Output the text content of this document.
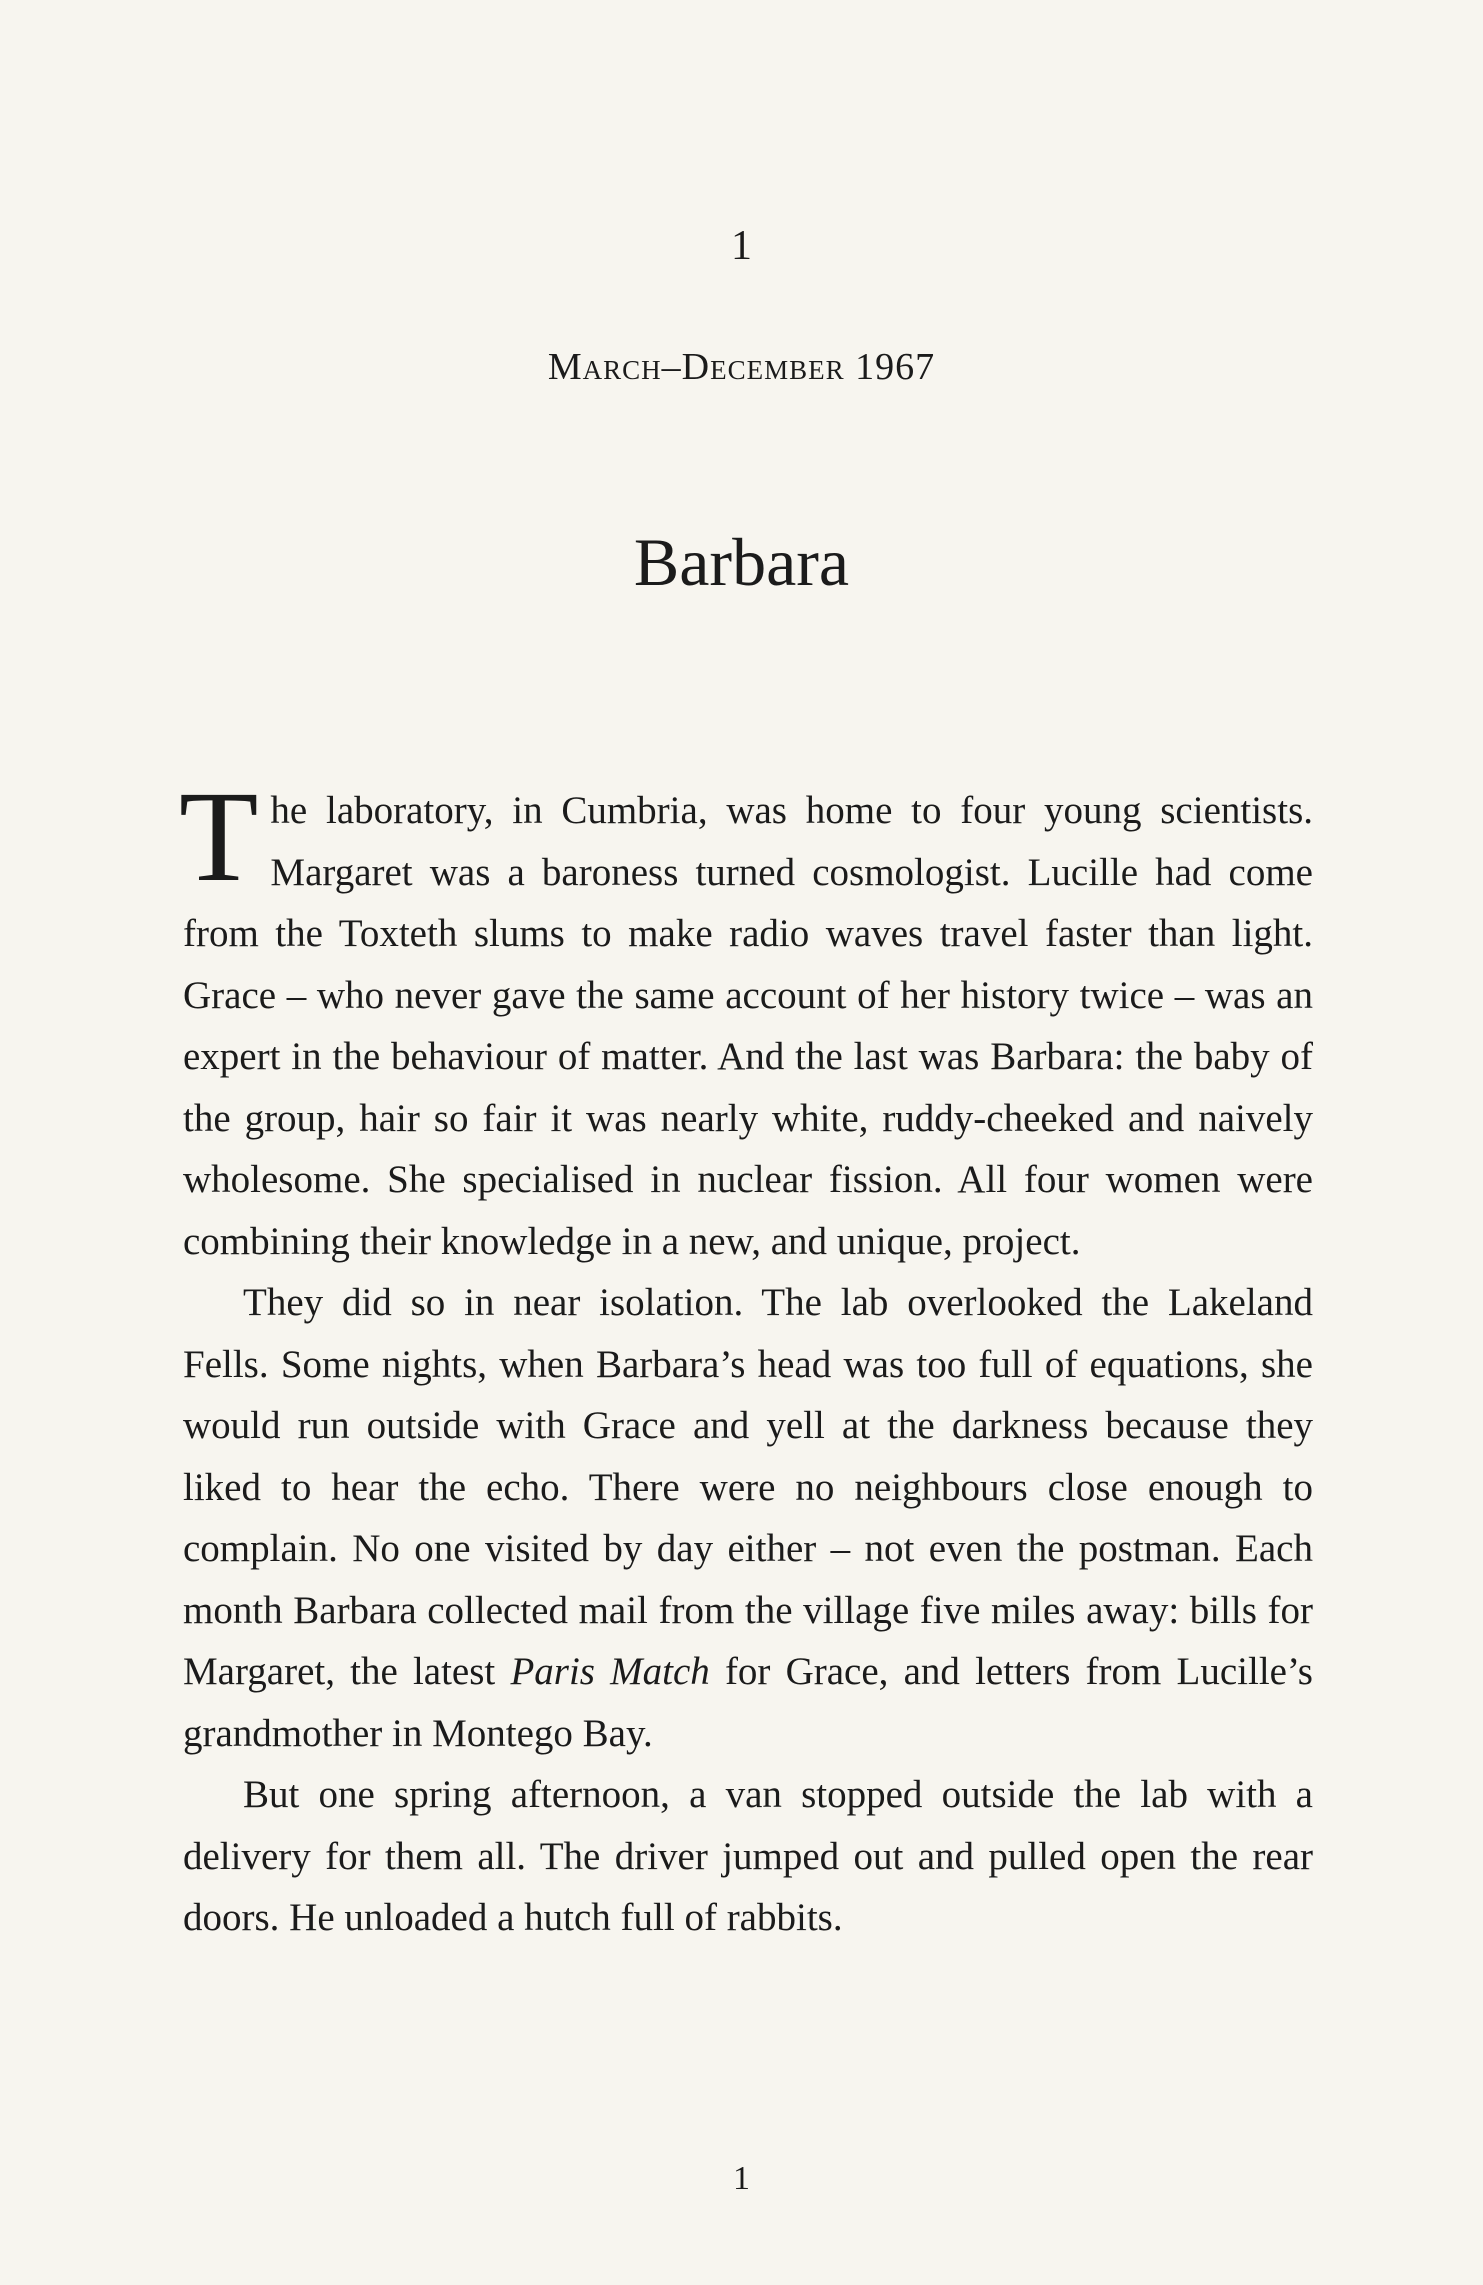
1
March–December 1967
Barbara

The laboratory, in Cumbria, was home to four young scientists. Margaret was a baroness turned cosmologist. Lucille had come from the Toxteth slums to make radio waves travel faster than light. Grace – who never gave the same account of her history twice – was an expert in the behaviour of matter. And the last was Barbara: the baby of the group, hair so fair it was nearly white, ruddy-cheeked and naively wholesome. She specialised in nuclear fission. All four women were combining their knowledge in a new, and unique, project.

They did so in near isolation. The lab overlooked the Lakeland Fells. Some nights, when Barbara’s head was too full of equations, she would run outside with Grace and yell at the darkness because they liked to hear the echo. There were no neighbours close enough to complain. No one visited by day either – not even the postman. Each month Barbara collected mail from the village five miles away: bills for Margaret, the latest Paris Match for Grace, and letters from Lucille’s grandmother in Montego Bay.

But one spring afternoon, a van stopped outside the lab with a delivery for them all. The driver jumped out and pulled open the rear doors. He unloaded a hutch full of rabbits.

1
